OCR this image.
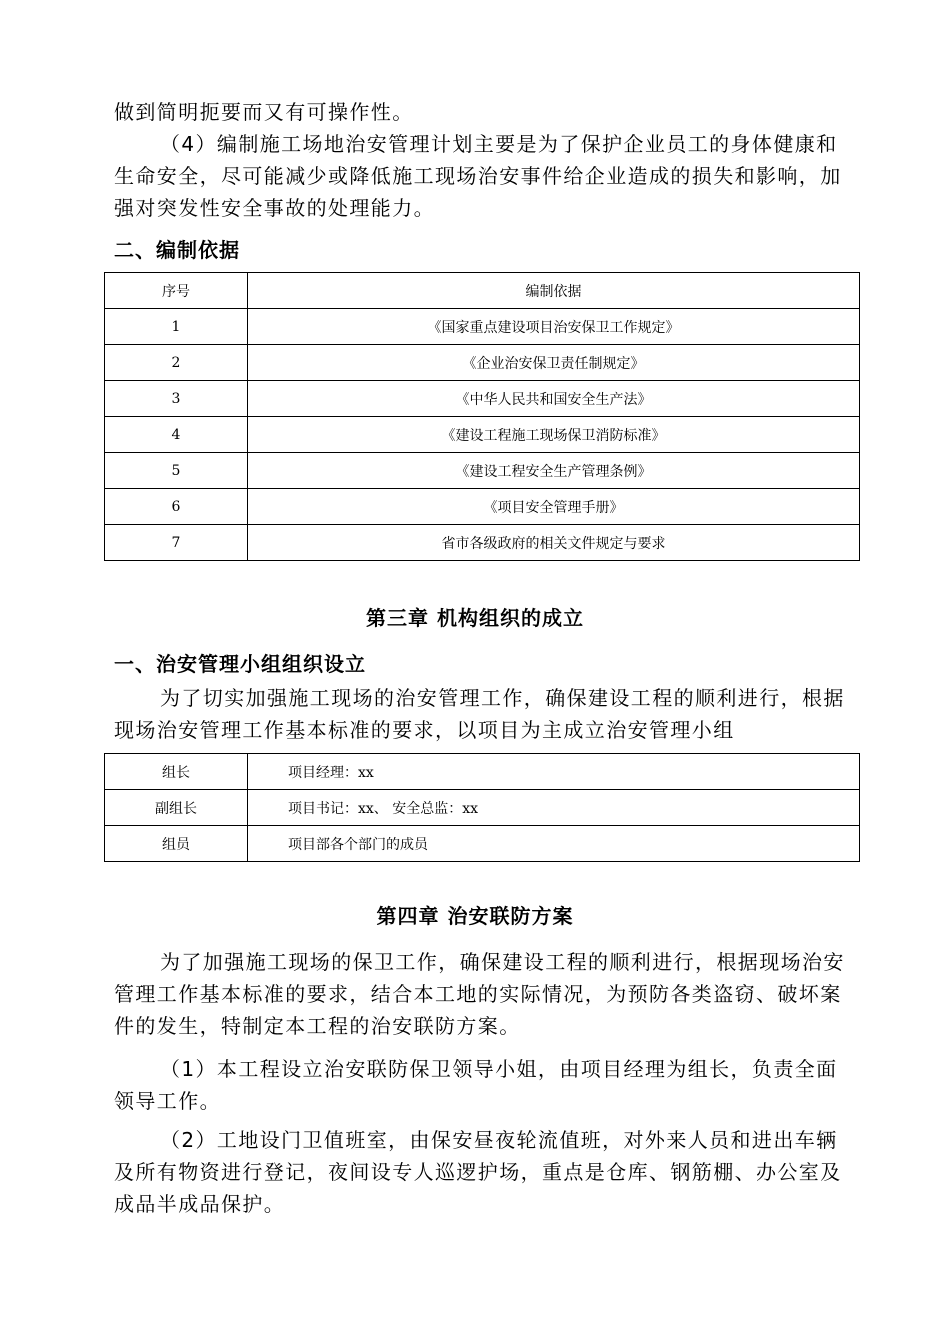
做到简明扼要而又有可操作性。

（4）编制施工场地治安管理计划主要是为了保护企业员工的身体健康和生命安全，尽可能减少或降低施工现场治安事件给企业造成的损失和影响，加强对突发性安全事故的处理能力。

二、编制依据
序号	编制依据
1	《国家重点建设项目治安保卫工作规定》
2	《企业治安保卫责任制规定》
3	《中华人民共和国安全生产法》
4	《建设工程施工现场保卫消防标准》
5	《建设工程安全生产管理条例》
6	《项目安全管理手册》
7	省市各级政府的相关文件规定与要求
第三章 机构组织的成立
一、治安管理小组组织设立

为了切实加强施工现场的治安管理工作，确保建设工程的顺利进行，根据现场治安管理工作基本标准的要求，以项目为主成立治安管理小组

组长	项目经理：xx
副组长	项目书记：xx、 安全总监：xx
组员	项目部各个部门的成员
第四章 治安联防方案

为了加强施工现场的保卫工作，确保建设工程的顺利进行，根据现场治安管理工作基本标准的要求，结合本工地的实际情况，为预防各类盗窃、破坏案件的发生，特制定本工程的治安联防方案。

（1）本工程设立治安联防保卫领导小姐，由项目经理为组长，负责全面领导工作。

（2）工地设门卫值班室，由保安昼夜轮流值班，对外来人员和进出车辆及所有物资进行登记，夜间设专人巡逻护场，重点是仓库、钢筋棚、办公室及成品半成品保护。
